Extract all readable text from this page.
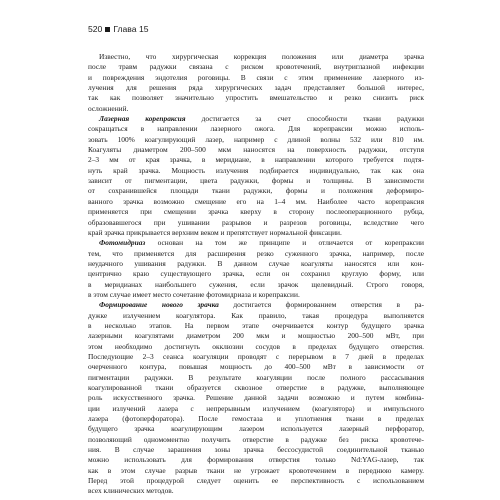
520 Глава 15
Известно, что хирургическая коррекция положения или диаметра зрачка
после травм радужки связана с риском кровотечений, внутриглазной инфекции
и повреждения эндотелия роговицы. В связи с этим применение лазерного из-
лучения для решения ряда хирургических задач представляет большой интерес,
так как позволяет значительно упростить вмешательство и резко снизить риск
осложнений.
Лазерная корепраксия достигается за счет способности ткани радужки
сокращаться в направлении лазерного ожога. Для корепраксии можно исполь-
зовать 100% коагулирующий лазер, например с длиной волны 532 или 810 нм.
Коагуляты диаметром 200–500 мкм наносятся на поверхность радужки, отступя
2–3 мм от края зрачка, в меридиане, в направлении которого требуется подтя-
нуть край зрачка. Мощность излучения подбирается индивидуально, так как она
зависит от пигментации, цвета радужки, формы и толщины. В зависимости
от сохранившейся площади ткани радужки, формы и положения деформиро-
ванного зрачка возможно смещение его на 1–4 мм. Наиболее часто корепраксия
применяется при смещении зрачка кверху в сторону послеоперационного рубца,
образовавшегося при ушивании разрывов и разрезов роговицы, вследствие чего
край зрачка прикрывается верхним веком и препятствует нормальной фиксации.
Фотомидриаз основан на том же принципе и отличается от корепраксии
тем, что применяется для расширения резко суженного зрачка, например, после
неудачного ушивания радужки. В данном случае коагуляты наносятся или кон-
центрично краю существующего зрачка, если он сохранил круглую форму, или
в меридианах наибольшего сужения, если зрачок щелевидный. Строго говоря,
в этом случае имеет место сочетание фотомидриаза и корепраксии.
Формирование нового зрачка достигается формированием отверстия в ра-
дужке излучением коагулятора. Как правило, такая процедура выполняется
в несколько этапов. На первом этапе очерчивается контур будущего зрачка
лазерными коагулятами диаметром 200 мкм и мощностью 200–500 мВт, при
этом необходимо достигнуть окклюзии сосудов в пределах будущего отверстия.
Последующие 2–3 сеанса коагуляции проводят с перерывом в 7 дней в пределах
очерченного контура, повышая мощность до 400–500 мВт в зависимости от
пигментации радужки. В результате коагуляции после полного рассасывания
коагулированной ткани образуется сквозное отверстие в радужке, выполняющее
роль искусственного зрачка. Решение данной задачи возможно и путем комбина-
ции излучений лазера с непрерывным излучением (коагулятора) и импульсного
лазера (фотоперфоратора). После гемостаза и уплотнения ткани в пределах
будущего зрачка коагулирующим лазером используется лазерный перфоратор,
позволяющий одномоментно получить отверстие в радужке без риска кровотече-
ния. В случае зарашения зоны зрачка бессосудистой соединительной тканью
можно использовать для формирования отверстия только Nd:YAG-лазер, так
как в этом случае разрыв ткани не угрожает кровотечением в переднюю камеру.
Перед этой процедурой следует оценить ее перспективность с использованием
всех клинических методов.
